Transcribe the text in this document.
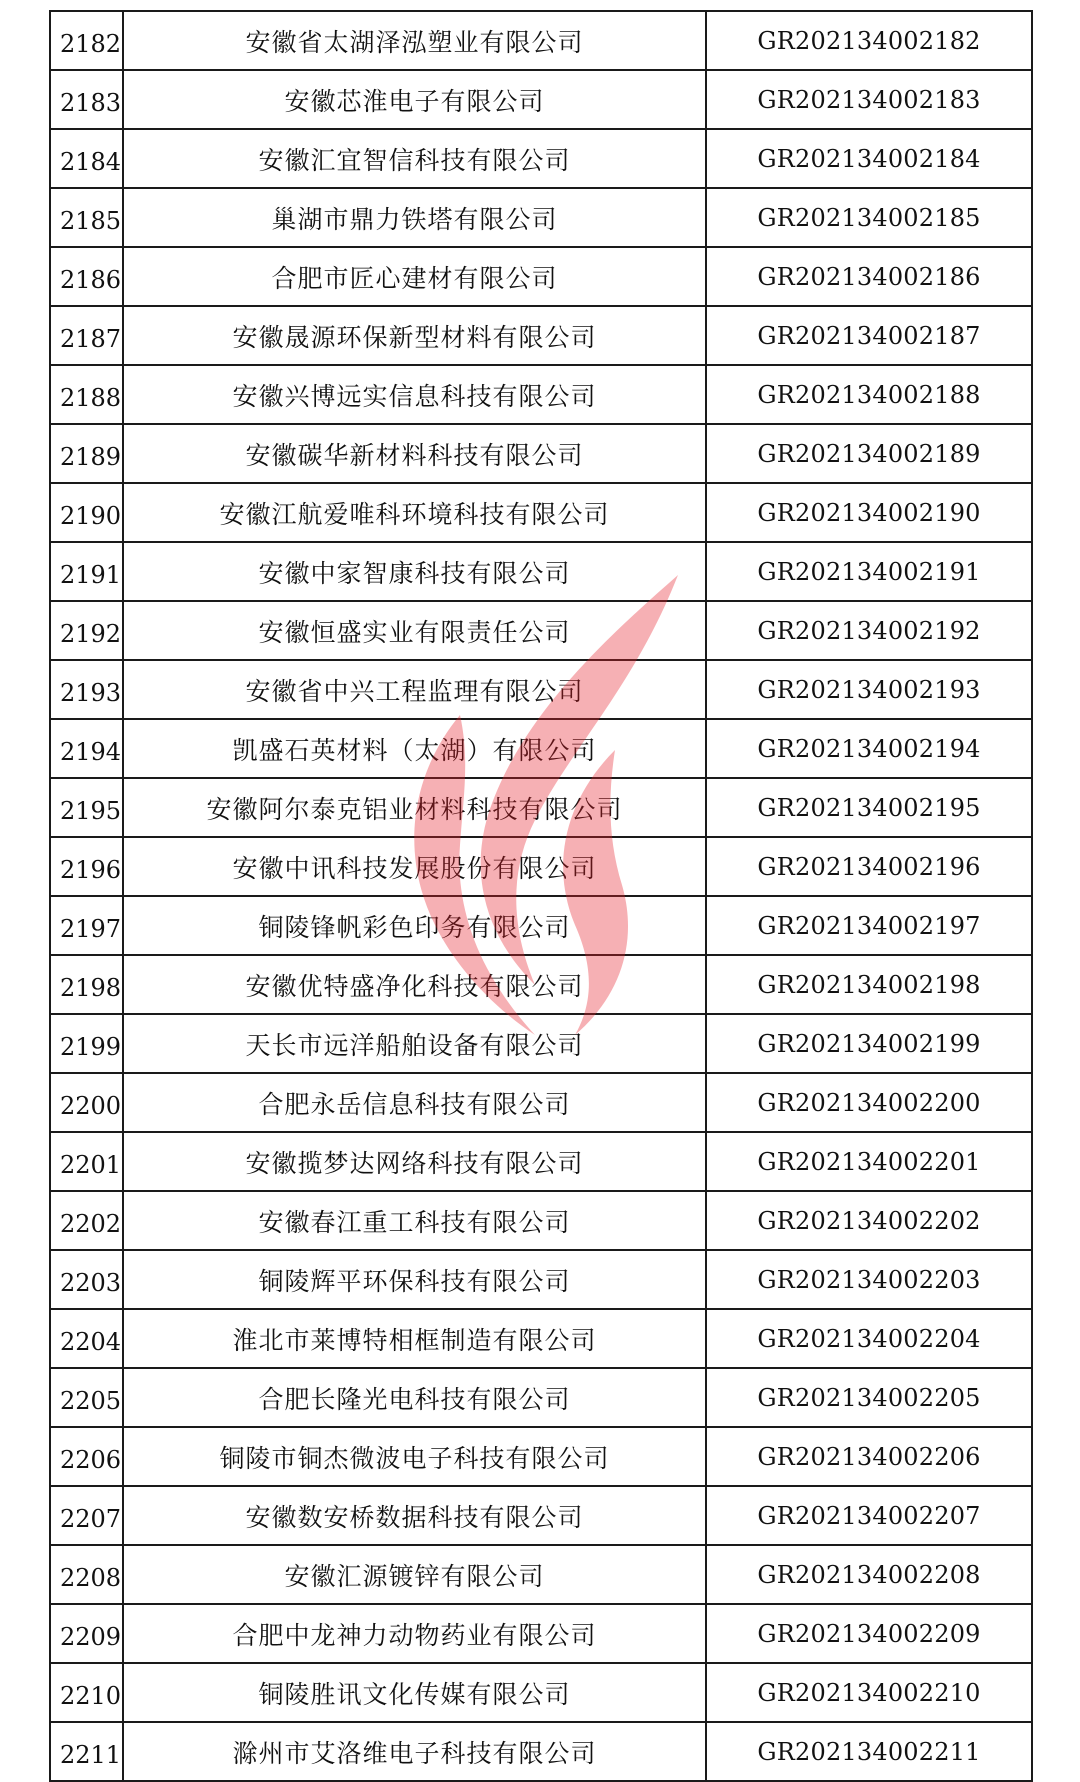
2182	安徽省太湖泽泓塑业有限公司	GR202134002182
2183	安徽芯淮电子有限公司	GR202134002183
2184	安徽汇宜智信科技有限公司	GR202134002184
2185	巢湖市鼎力铁塔有限公司	GR202134002185
2186	合肥市匠心建材有限公司	GR202134002186
2187	安徽晟源环保新型材料有限公司	GR202134002187
2188	安徽兴博远实信息科技有限公司	GR202134002188
2189	安徽碳华新材料科技有限公司	GR202134002189
2190	安徽江航爱唯科环境科技有限公司	GR202134002190
2191	安徽中家智康科技有限公司	GR202134002191
2192	安徽恒盛实业有限责任公司	GR202134002192
2193	安徽省中兴工程监理有限公司	GR202134002193
2194	凯盛石英材料（太湖）有限公司	GR202134002194
2195	安徽阿尔泰克铝业材料科技有限公司	GR202134002195
2196	安徽中讯科技发展股份有限公司	GR202134002196
2197	铜陵锋帆彩色印务有限公司	GR202134002197
2198	安徽优特盛净化科技有限公司	GR202134002198
2199	天长市远洋船舶设备有限公司	GR202134002199
2200	合肥永岳信息科技有限公司	GR202134002200
2201	安徽揽梦达网络科技有限公司	GR202134002201
2202	安徽春江重工科技有限公司	GR202134002202
2203	铜陵辉平环保科技有限公司	GR202134002203
2204	淮北市莱博特相框制造有限公司	GR202134002204
2205	合肥长隆光电科技有限公司	GR202134002205
2206	铜陵市铜杰微波电子科技有限公司	GR202134002206
2207	安徽数安桥数据科技有限公司	GR202134002207
2208	安徽汇源镀锌有限公司	GR202134002208
2209	合肥中龙神力动物药业有限公司	GR202134002209
2210	铜陵胜讯文化传媒有限公司	GR202134002210
2211	滁州市艾洛维电子科技有限公司	GR202134002211
